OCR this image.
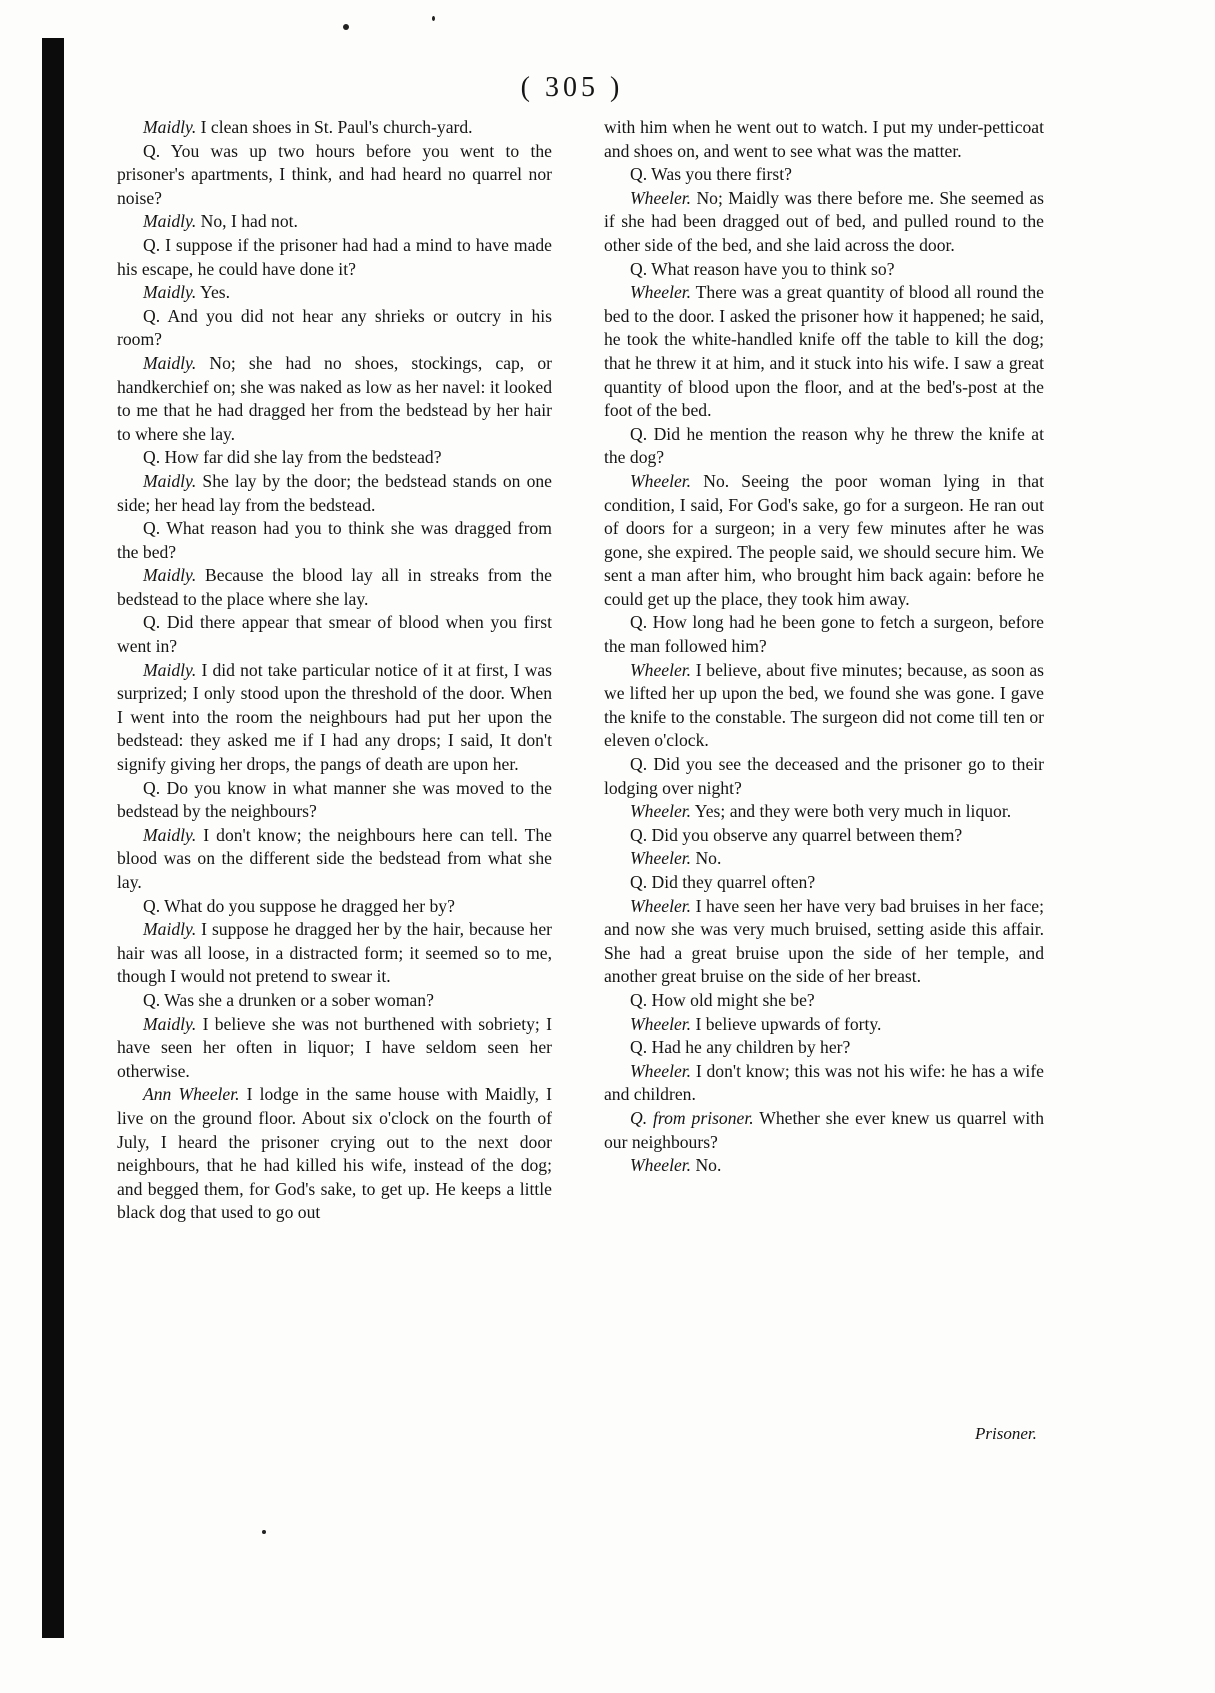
( 305 )

Maidly. I clean shoes in St. Paul's church-yard.

Q. You was up two hours before you went to the prisoner's apartments, I think, and had heard no quarrel nor noise?

Maidly. No, I had not.

Q. I suppose if the prisoner had had a mind to have made his escape, he could have done it?

Maidly. Yes.

Q. And you did not hear any shrieks or outcry in his room?

Maidly. No; she had no shoes, stockings, cap, or handkerchief on; she was naked as low as her navel: it looked to me that he had dragged her from the bedstead by her hair to where she lay.

Q. How far did she lay from the bedstead?

Maidly. She lay by the door; the bedstead stands on one side; her head lay from the bedstead.

Q. What reason had you to think she was dragged from the bed?

Maidly. Because the blood lay all in streaks from the bedstead to the place where she lay.

Q. Did there appear that smear of blood when you first went in?

Maidly. I did not take particular notice of it at first, I was surprized; I only stood upon the threshold of the door. When I went into the room the neighbours had put her upon the bedstead: they asked me if I had any drops; I said, It don't signify giving her drops, the pangs of death are upon her.

Q. Do you know in what manner she was moved to the bedstead by the neighbours?

Maidly. I don't know; the neighbours here can tell. The blood was on the different side the bedstead from what she lay.

Q. What do you suppose he dragged her by?

Maidly. I suppose he dragged her by the hair, because her hair was all loose, in a distracted form; it seemed so to me, though I would not pretend to swear it.

Q. Was she a drunken or a sober woman?

Maidly. I believe she was not burthened with sobriety; I have seen her often in liquor; I have seldom seen her otherwise.

Ann Wheeler. I lodge in the same house with Maidly, I live on the ground floor. About six o'clock on the fourth of July, I heard the prisoner crying out to the next door neighbours, that he had killed his wife, instead of the dog; and begged them, for God's sake, to get up. He keeps a little black dog that used to go out

with him when he went out to watch. I put my under-petticoat and shoes on, and went to see what was the matter.

Q. Was you there first?

Wheeler. No; Maidly was there before me. She seemed as if she had been dragged out of bed, and pulled round to the other side of the bed, and she laid across the door.

Q. What reason have you to think so?

Wheeler. There was a great quantity of blood all round the bed to the door. I asked the prisoner how it happened; he said, he took the white-handled knife off the table to kill the dog; that he threw it at him, and it stuck into his wife. I saw a great quantity of blood upon the floor, and at the bed's-post at the foot of the bed.

Q. Did he mention the reason why he threw the knife at the dog?

Wheeler. No. Seeing the poor woman lying in that condition, I said, For God's sake, go for a surgeon. He ran out of doors for a surgeon; in a very few minutes after he was gone, she expired. The people said, we should secure him. We sent a man after him, who brought him back again: before he could get up the place, they took him away.

Q. How long had he been gone to fetch a surgeon, before the man followed him?

Wheeler. I believe, about five minutes; because, as soon as we lifted her up upon the bed, we found she was gone. I gave the knife to the constable. The surgeon did not come till ten or eleven o'clock.

Q. Did you see the deceased and the prisoner go to their lodging over night?

Wheeler. Yes; and they were both very much in liquor.

Q. Did you observe any quarrel between them?

Wheeler. No.

Q. Did they quarrel often?

Wheeler. I have seen her have very bad bruises in her face; and now she was very much bruised, setting aside this affair. She had a great bruise upon the side of her temple, and another great bruise on the side of her breast.

Q. How old might she be?

Wheeler. I believe upwards of forty.

Q. Had he any children by her?

Wheeler. I don't know; this was not his wife: he has a wife and children.

Q. from prisoner. Whether she ever knew us quarrel with our neighbours?

Wheeler. No.

Prisoner.
